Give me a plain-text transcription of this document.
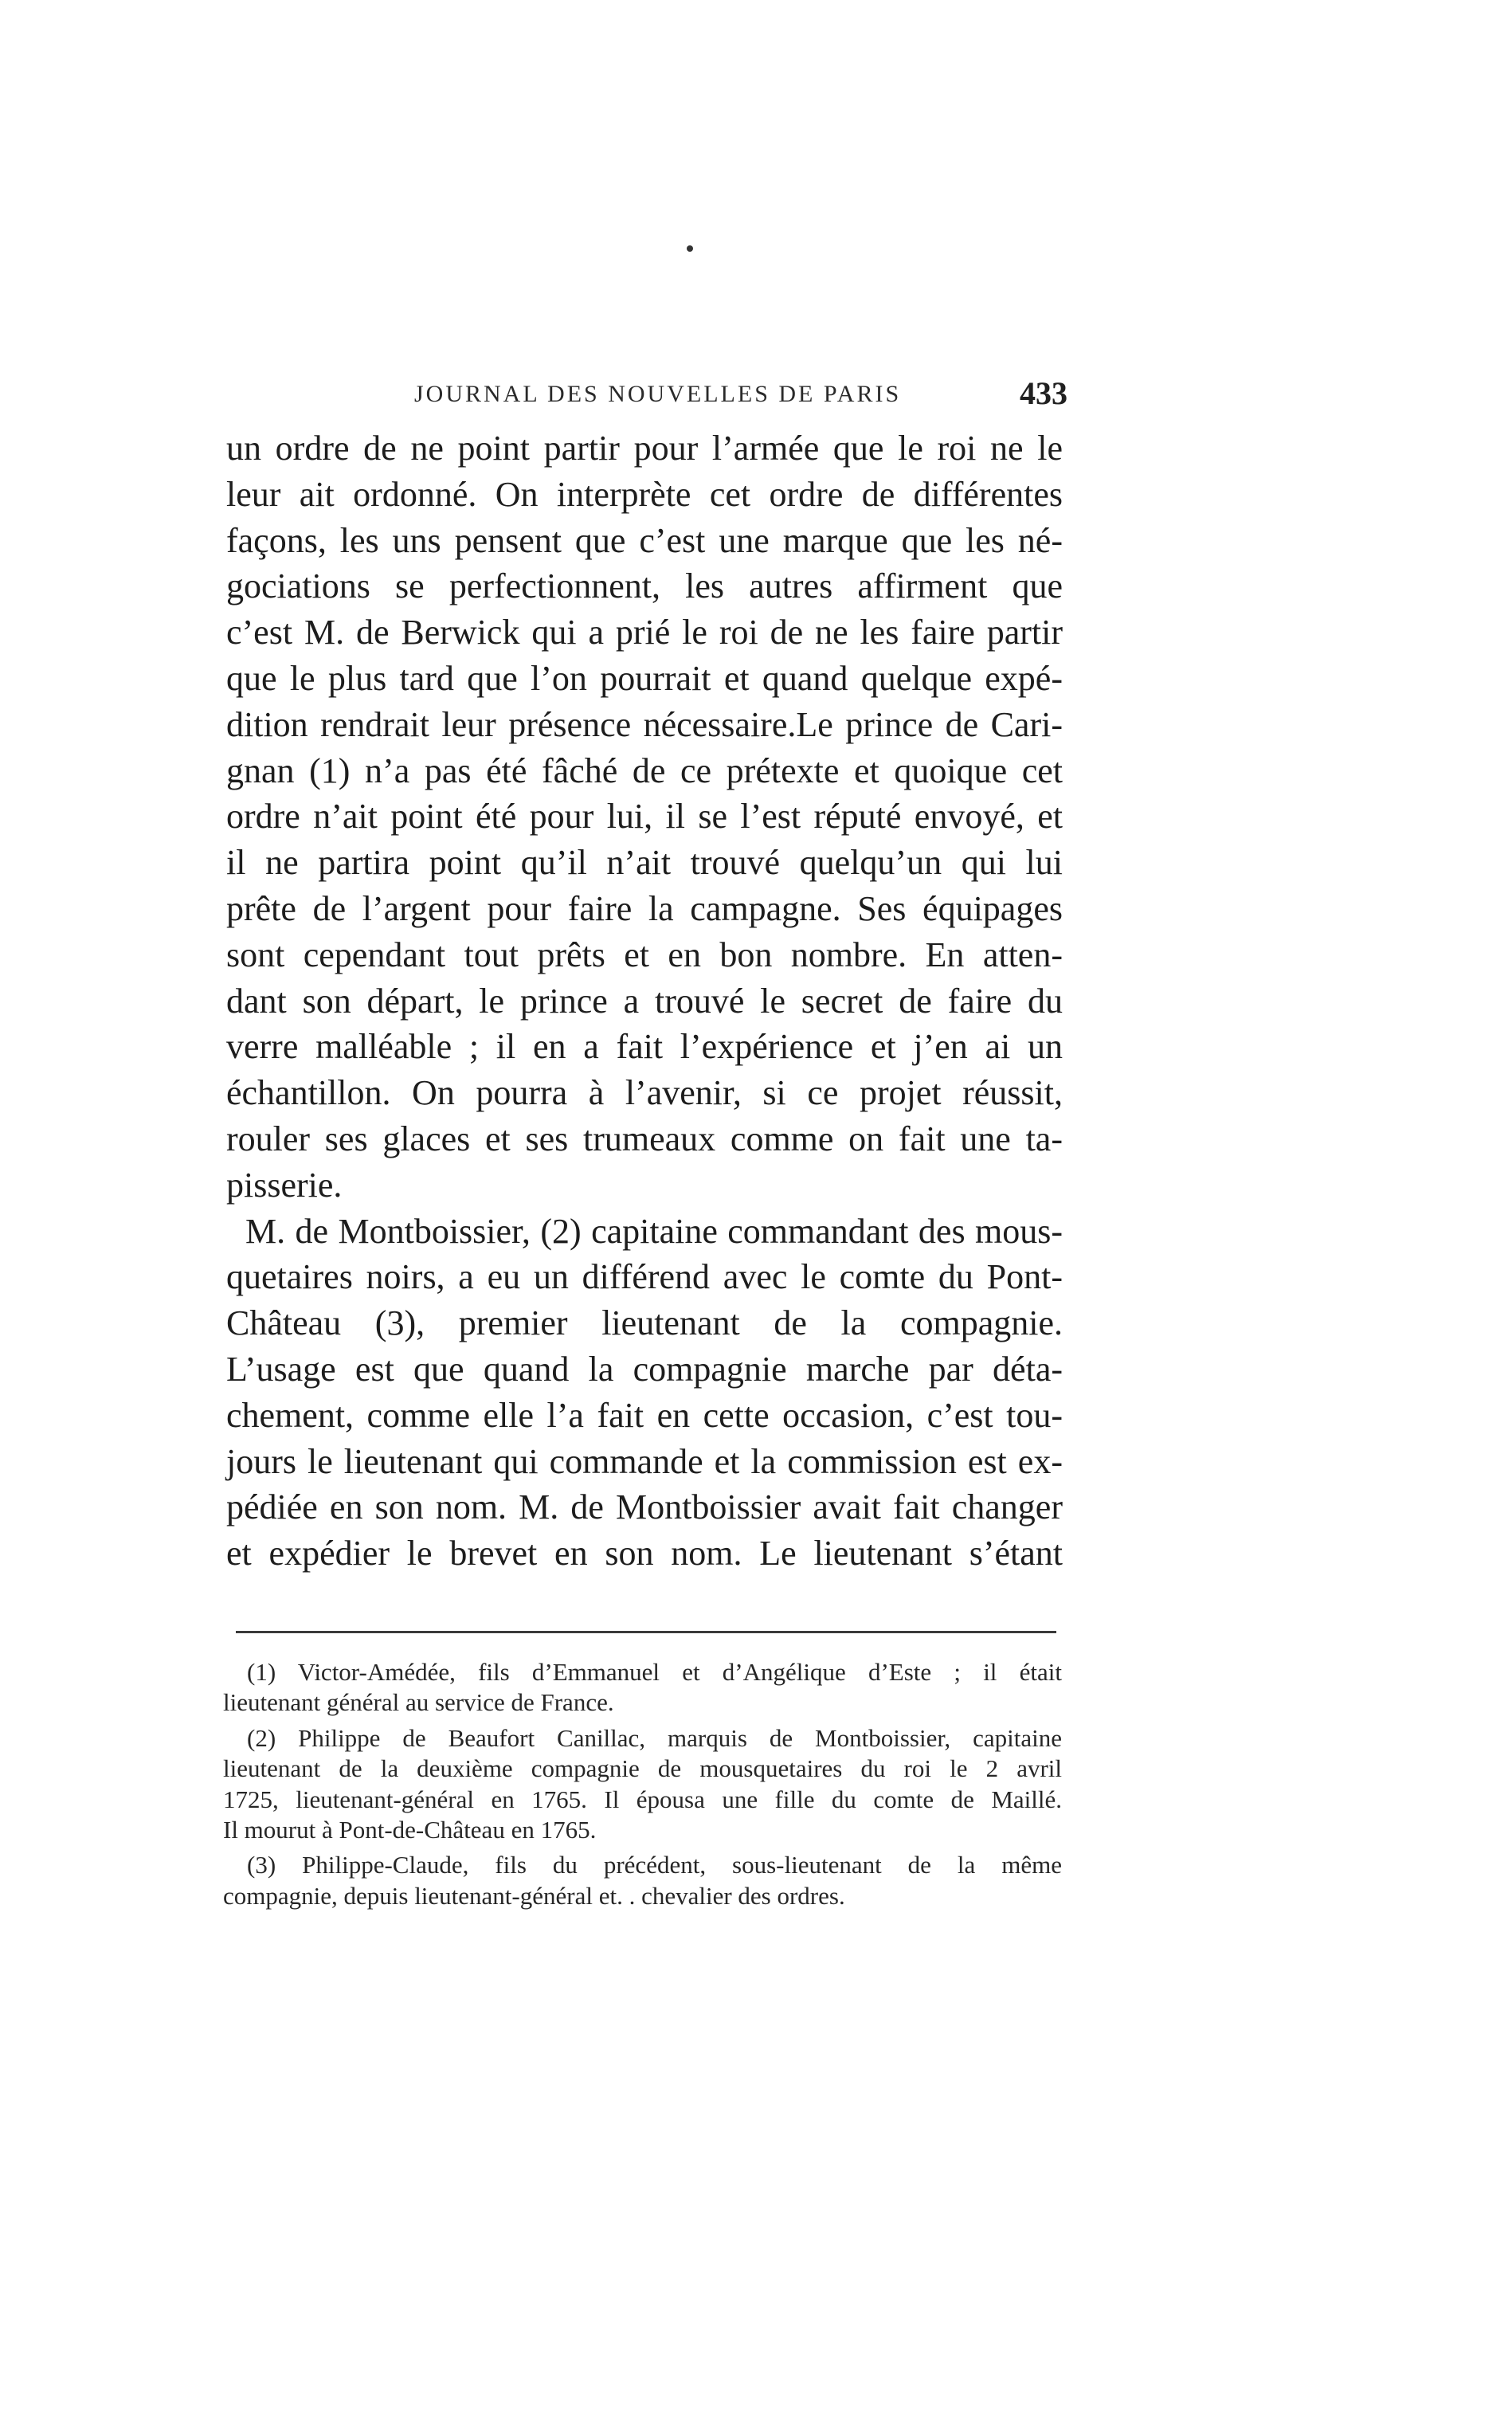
JOURNAL DES NOUVELLES DE PARIS	433
un ordre de ne point partir pour l’armée que le roi ne le
leur ait ordonné. On interprète cet ordre de différentes
façons, les uns pensent que c’est une marque que les né-
gociations se perfectionnent, les autres affirment que
c’est M. de Berwick qui a prié le roi de ne les faire partir
que le plus tard que l’on pourrait et quand quelque expé-
dition rendrait leur présence nécessaire.Le prince de Cari-
gnan (1) n’a pas été fâché de ce prétexte et quoique cet
ordre n’ait point été pour lui, il se l’est réputé envoyé, et
il ne partira point qu’il n’ait trouvé quelqu’un qui lui
prête de l’argent pour faire la campagne. Ses équipages
sont cependant tout prêts et en bon nombre. En atten-
dant son départ, le prince a trouvé le secret de faire du
verre malléable ; il en a fait l’expérience et j’en ai un
échantillon. On pourra à l’avenir, si ce projet réussit,
rouler ses glaces et ses trumeaux comme on fait une ta-
pisserie.
M. de Montboissier, (2) capitaine commandant des mous-
quetaires noirs, a eu un différend avec le comte du Pont-
Château (3), premier lieutenant de la compagnie.
L’usage est que quand la compagnie marche par déta-
chement, comme elle l’a fait en cette occasion, c’est tou-
jours le lieutenant qui commande et la commission est ex-
pédiée en son nom. M. de Montboissier avait fait changer
et expédier le brevet en son nom. Le lieutenant s’étant
(1) Victor-Amédée, fils d’Emmanuel et d’Angélique d’Este ; il était
lieutenant général au service de France.
(2) Philippe de Beaufort Canillac, marquis de Montboissier, capitaine
lieutenant de la deuxième compagnie de mousquetaires du roi le 2 avril
1725, lieutenant-général en 1765. Il épousa une fille du comte de Maillé.
Il mourut à Pont-de-Château en 1765.
(3) Philippe-Claude, fils du précédent, sous-lieutenant de la même
compagnie, depuis lieutenant-général et. . chevalier des ordres.
